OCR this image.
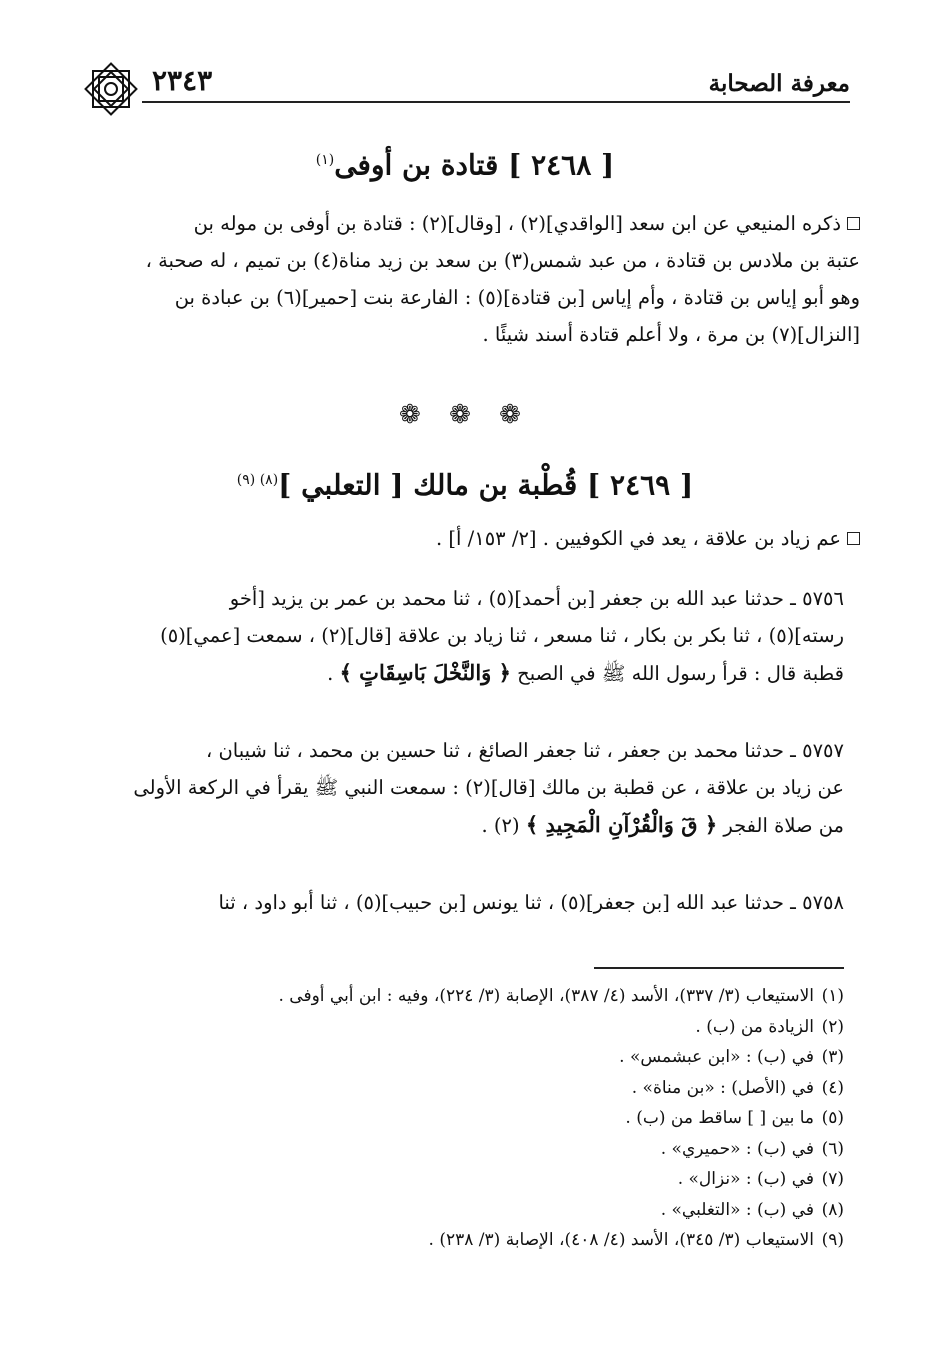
معرفة الصحابة
٢٣٤٣
[ ٢٤٦٨ ] قتادة بن أوفى$^{(١)}$

ذكره المنيعي عن ابن سعد [الواقدي](٢) ، [وقال](٢) : قتادة بن أوفى بن موله بن

عتبة بن ملادس بن قتادة ، من عبد شمس(٣) بن سعد بن زيد مناة(٤) بن تميم ، له صحبة ،

وهو أبو إياس بن قتادة ، وأم إياس [بن قتادة](٥) : الفارعة بنت [حمير](٦) بن عبادة بن

[النزال](٧) بن مرة ، ولا أعلم قتادة أسند شيئًا .

❁ ❁ ❁
[ ٢٤٦٩ ] قُطْبة بن مالك [ التعلبي ]$^{(٨) (٩)}$

عم زياد بن علاقة ، يعد في الكوفيين . [٢/ ١٥٣/ أ] .

٥٧٥٦ ـ حدثنا عبد الله بن جعفر [بن أحمد](٥) ، ثنا محمد بن عمر بن يزيد [أخو

رسته](٥) ، ثنا بكر بن بكار ، ثنا مسعر ، ثنا زياد بن علاقة [قال](٢) ، سمعت [عمي](٥)

قطبة قال : قرأ رسول الله ﷺ في الصبح ﴿ وَالنَّخْلَ بَاسِقَاتٍ ﴾ .

٥٧٥٧ ـ حدثنا محمد بن جعفر ، ثنا جعفر الصائغ ، ثنا حسين بن محمد ، ثنا شيبان ،

عن زياد بن علاقة ، عن قطبة بن مالك [قال](٢) : سمعت النبي ﷺ يقرأ في الركعة الأولى

من صلاة الفجر ﴿ قٓ وَالْقُرْآنِ الْمَجِيدِ ﴾ (٢) .

٥٧٥٨ ـ حدثنا عبد الله [بن جعفر](٥) ، ثنا يونس [بن حبيب](٥) ، ثنا أبو داود ، ثنا

(١)الاستيعاب (٣/ ٣٣٧)، الأسد (٤/ ٣٨٧)، الإصابة (٣/ ٢٢٤)، وفيه : ابن أبي أوفى .
(٢)الزيادة من (ب) .
(٣)في (ب) : «ابن عبشمس» .
(٤)في (الأصل) : «بن مناة» .
(٥)ما بين [ ] ساقط من (ب) .
(٦)في (ب) : «حميري» .
(٧)في (ب) : «نزال» .
(٨)في (ب) : «التغلبي» .
(٩)الاستيعاب (٣/ ٣٤٥)، الأسد (٤/ ٤٠٨)، الإصابة (٣/ ٢٣٨) .
